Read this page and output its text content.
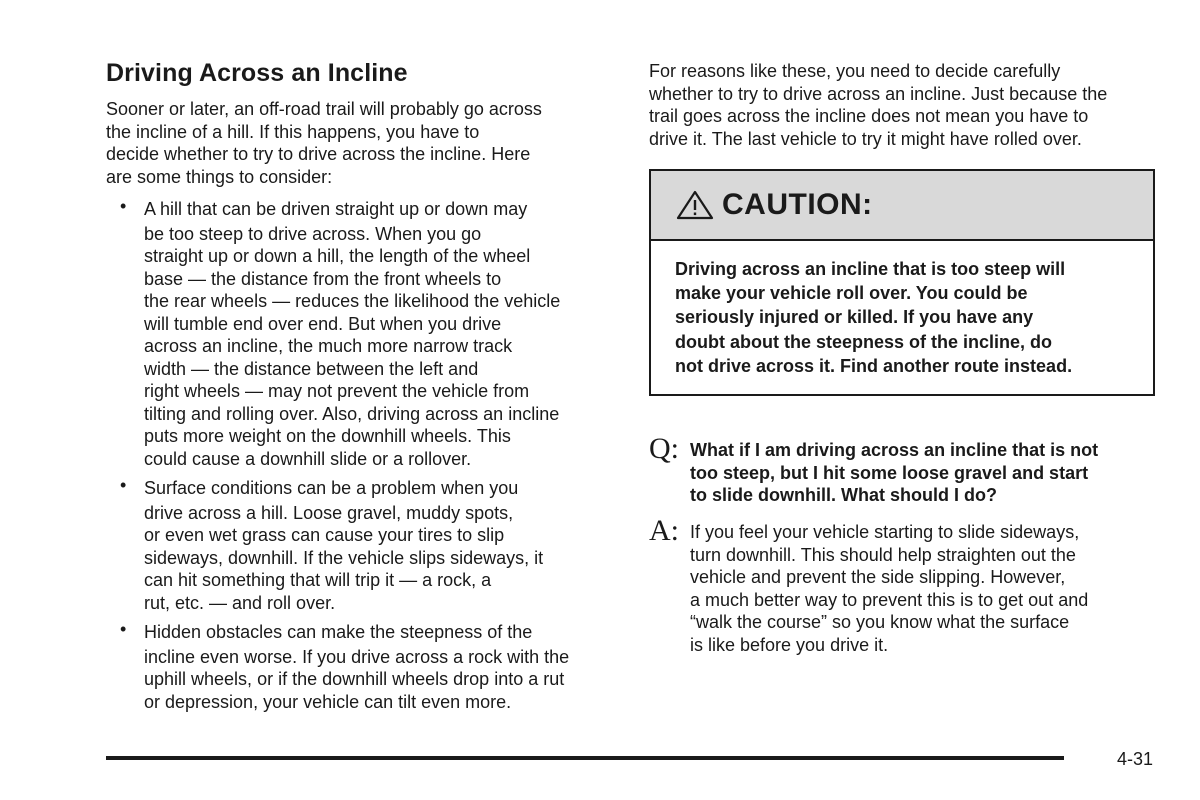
Driving Across an Incline

Sooner or later, an off-road trail will probably go across
the incline of a hill. If this happens, you have to
decide whether to try to drive across the incline. Here
are some things to consider:

• A hill that can be driven straight up or down may
be too steep to drive across. When you go
straight up or down a hill, the length of the wheel
base — the distance from the front wheels to
the rear wheels — reduces the likelihood the vehicle
will tumble end over end. But when you drive
across an incline, the much more narrow track
width — the distance between the left and
right wheels — may not prevent the vehicle from
tilting and rolling over. Also, driving across an incline
puts more weight on the downhill wheels. This
could cause a downhill slide or a rollover.
• Surface conditions can be a problem when you
drive across a hill. Loose gravel, muddy spots,
or even wet grass can cause your tires to slip
sideways, downhill. If the vehicle slips sideways, it
can hit something that will trip it — a rock, a
rut, etc. — and roll over.
• Hidden obstacles can make the steepness of the
incline even worse. If you drive across a rock with the
uphill wheels, or if the downhill wheels drop into a rut
or depression, your vehicle can tilt even more.

For reasons like these, you need to decide carefully
whether to try to drive across an incline. Just because the
trail goes across the incline does not mean you have to
drive it. The last vehicle to try it might have rolled over.

CAUTION:
Driving across an incline that is too steep will
make your vehicle roll over. You could be
seriously injured or killed. If you have any
doubt about the steepness of the incline, do
not drive across it. Find another route instead.
Q: What if I am driving across an incline that is not
too steep, but I hit some loose gravel and start
to slide downhill. What should I do?
A: If you feel your vehicle starting to slide sideways,
turn downhill. This should help straighten out the
vehicle and prevent the side slipping. However,
a much better way to prevent this is to get out and
“walk the course” so you know what the surface
is like before you drive it.
4-31
